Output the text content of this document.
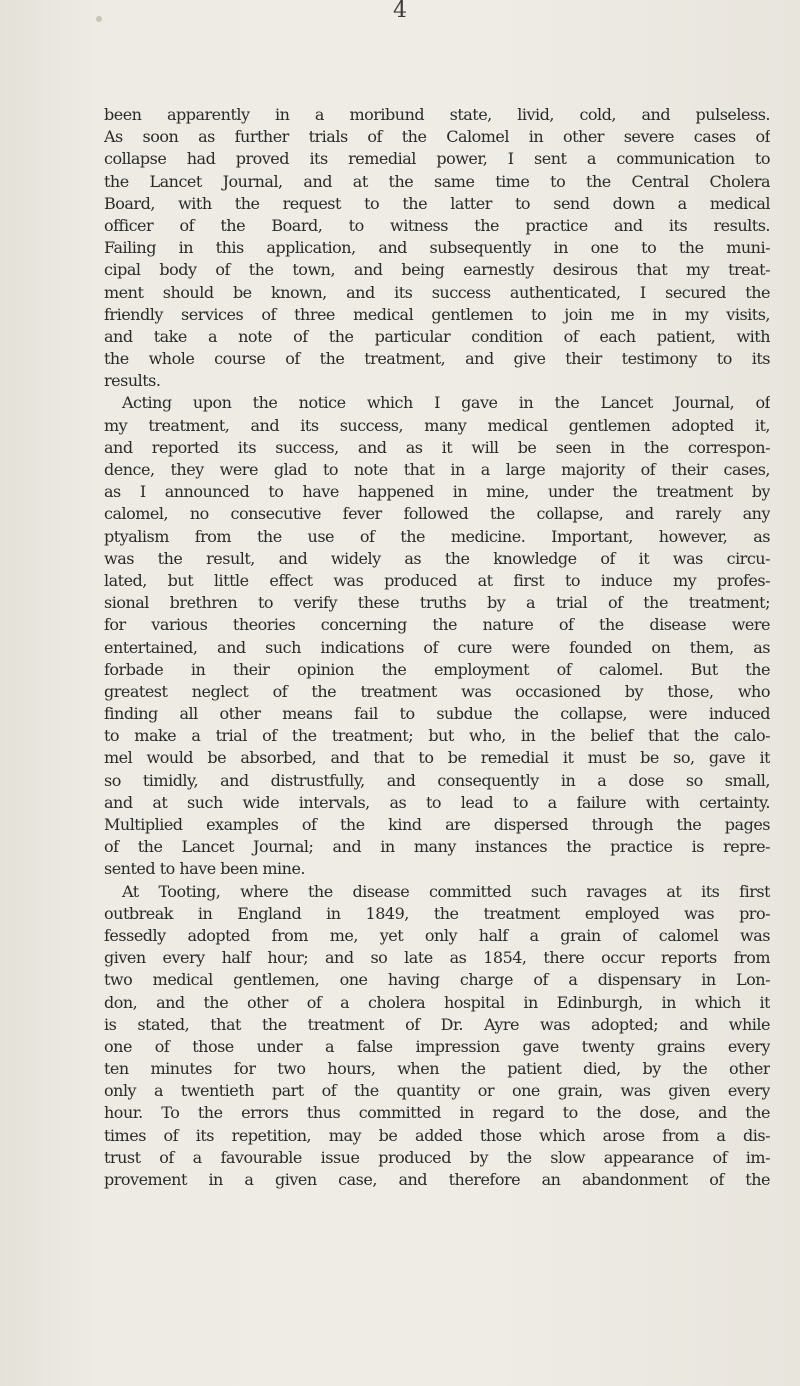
4
been apparently in a moribund state, livid, cold, and pulseless.
As soon as further trials of the Calomel in other severe cases of
collapse had proved its remedial power, I sent a communication to
the Lancet Journal, and at the same time to the Central Cholera
Board, with the request to the latter to send down a medical
officer of the Board, to witness the practice and its results.
Failing in this application, and subsequently in one to the muni-
cipal body of the town, and being earnestly desirous that my treat-
ment should be known, and its success authenticated, I secured the
friendly services of three medical gentlemen to join me in my visits,
and take a note of the particular condition of each patient, with
the whole course of the treatment, and give their testimony to its
results.
Acting upon the notice which I gave in the Lancet Journal, of
my treatment, and its success, many medical gentlemen adopted it,
and reported its success, and as it will be seen in the correspon-
dence, they were glad to note that in a large majority of their cases,
as I announced to have happened in mine, under the treatment by
calomel, no consecutive fever followed the collapse, and rarely any
ptyalism from the use of the medicine. Important, however, as
was the result, and widely as the knowledge of it was circu-
lated, but little effect was produced at first to induce my profes-
sional brethren to verify these truths by a trial of the treatment;
for various theories concerning the nature of the disease were
entertained, and such indications of cure were founded on them, as
forbade in their opinion the employment of calomel. But the
greatest neglect of the treatment was occasioned by those, who
finding all other means fail to subdue the collapse, were induced
to make a trial of the treatment; but who, in the belief that the calo-
mel would be absorbed, and that to be remedial it must be so, gave it
so timidly, and distrustfully, and consequently in a dose so small,
and at such wide intervals, as to lead to a failure with certainty.
Multiplied examples of the kind are dispersed through the pages
of the Lancet Journal; and in many instances the practice is repre-
sented to have been mine.
At Tooting, where the disease committed such ravages at its first
outbreak in England in 1849, the treatment employed was pro-
fessedly adopted from me, yet only half a grain of calomel was
given every half hour; and so late as 1854, there occur reports from
two medical gentlemen, one having charge of a dispensary in Lon-
don, and the other of a cholera hospital in Edinburgh, in which it
is stated, that the treatment of Dr. Ayre was adopted; and while
one of those under a false impression gave twenty grains every
ten minutes for two hours, when the patient died, by the other
only a twentieth part of the quantity or one grain, was given every
hour. To the errors thus committed in regard to the dose, and the
times of its repetition, may be added those which arose from a dis-
trust of a favourable issue produced by the slow appearance of im-
provement in a given case, and therefore an abandonment of the
